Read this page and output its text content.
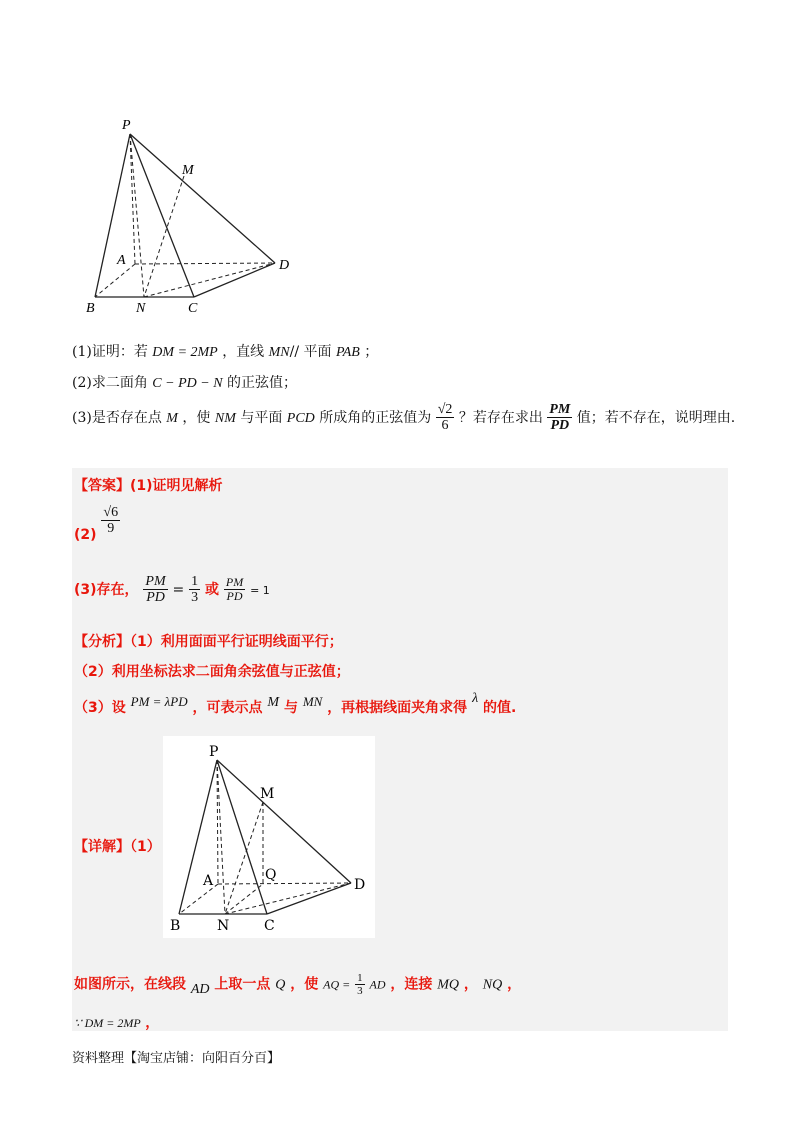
P
M
A	D
B	N	C
(1)证明：若 DM = 2MP ，直线 MN// 平面 PAB ；
(2)求二面角 C − PD − N 的正弦值；
(3)是否存在点 M ，使 NM 与平面 PCD 所成角的正弦值为 $\frac{√2}{6}$ ？若存在求出 $\frac{PM}{PD}$ 值；若不存在，说明理由.
【答案】(1)证明见解析
$(2) \frac{√6}{9}$
(3)存在， $\frac{PM}{PD} = \frac{1}{3}$ 或 $\frac{PM}{PD} = 1$
【分析】（1）利用面面平行证明线面平行；
（2）利用坐标法求二面角余弦值与正弦值；
（3）设 PM = λPD ，可表示点 M 与 MN ，再根据线面夹角求得 λ 的值.
【详解】（1）
P
M
A	Q
D
B	N C
如图所示，在线段 AD 上取一点 Q ，使 AQ = $\frac{1}{3}$ AD ，连接 MQ ， NQ ，
∵ DM = 2MP ，
资料整理【淘宝店铺：向阳百分百】
